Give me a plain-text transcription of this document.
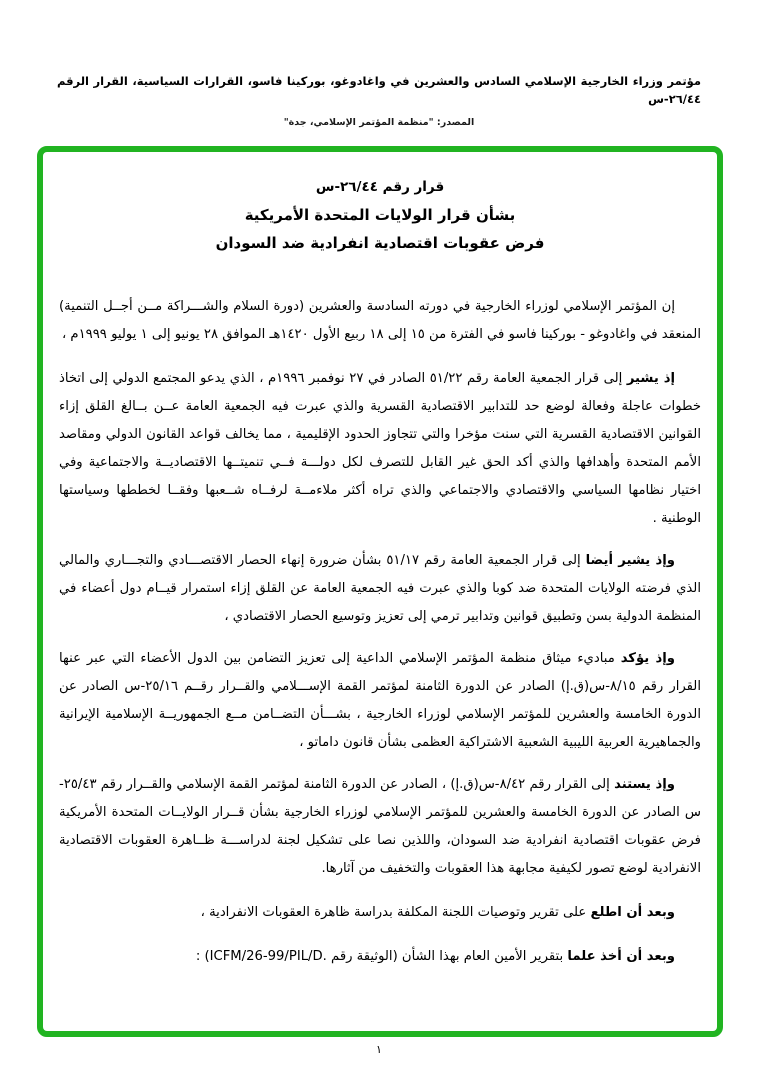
مؤتمر وزراء الخارجية الإسلامي السادس والعشرين في واغادوغو، بوركينا فاسو، القرارات السياسية، القرار الرقم ٢٦/٤٤-س
المصدر: "منظمة المؤتمر الإسلامي، جدة"
قرار رقم ٢٦/٤٤-س
بشأن قرار الولايات المتحدة الأمريكية
فرض عقوبات اقتصادية انفرادية ضد السودان

إن المؤتمر الإسلامي لوزراء الخارجية في دورته السادسة والعشرين (دورة السلام والشـــراكة مــن أجــل التنمية) المنعقد في واغادوغو - بوركينا فاسو في الفترة من ١٥ إلى ١٨ ربيع الأول ١٤٢٠هـ الموافق ٢٨ يونيو إلى ١ يوليو ١٩٩٩م ،

إذ يشير إلى قرار الجمعية العامة رقم ٥١/٢٢ الصادر في ٢٧ نوفمبر ١٩٩٦م ، الذي يدعو المجتمع الدولي إلى اتخاذ خطوات عاجلة وفعالة لوضع حد للتدابير الاقتصادية القسرية والذي عبرت فيه الجمعية العامة عــن بــالغ القلق إزاء القوانين الاقتصادية القسرية التي سنت مؤخرا والتي تتجاوز الحدود الإقليمية ، مما يخالف قواعد القانون الدولي ومقاصد الأمم المتحدة وأهدافها والذي أكد الحق غير القابل للتصرف لكل دولـــة فــي تنميتــها الاقتصاديــة والاجتماعية وفي اختيار نظامها السياسي والاقتصادي والاجتماعي والذي تراه أكثر ملاءمــة لرفــاه شــعبها وفقــا لخططها وسياستها الوطنية .

وإذ يشير أيضا إلى قرار الجمعية العامة رقم ٥١/١٧ بشأن ضرورة إنهاء الحصار الاقتصـــادي والتجـــاري والمالي الذي فرضته الولايات المتحدة ضد كوبا والذي عبرت فيه الجمعية العامة عن القلق إزاء استمرار قيــام دول أعضاء في المنظمة الدولية بسن وتطبيق قوانين وتدابير ترمي إلى تعزيز وتوسيع الحصار الاقتصادي ،

وإذ يؤكد مباديء ميثاق منظمة المؤتمر الإسلامي الداعية إلى تعزيز التضامن بين الدول الأعضاء التي عبر عنها القرار رقم ٨/١٥-س(ق.إ) الصادر عن الدورة الثامنة لمؤتمر القمة الإســـلامي والقــرار رقــم ٢٥/١٦-س الصادر عن الدورة الخامسة والعشرين للمؤتمر الإسلامي لوزراء الخارجية ، بشـــأن التضــامن مــع الجمهوريــة الإسلامية الإيرانية والجماهيرية العربية الليبية الشعبية الاشتراكية العظمى بشأن قانون داماتو ،

وإذ يستند إلى القرار رقم ٨/٤٢-س(ق.إ) ، الصادر عن الدورة الثامنة لمؤتمر القمة الإسلامي والقــرار رقم ٢٥/٤٣-س الصادر عن الدورة الخامسة والعشرين للمؤتمر الإسلامي لوزراء الخارجية بشأن قــرار الولايــات المتحدة الأمريكية فرض عقوبات اقتصادية انفرادية ضد السودان، واللذين نصا على تشكيل لجنة لدراســـة ظــاهرة العقوبات الاقتصادية الانفرادية لوضع تصور لكيفية مجابهة هذا العقوبات والتخفيف من آثارها.

وبعد أن اطلع على تقرير وتوصيات اللجنة المكلفة بدراسة ظاهرة العقوبات الانفرادية ،

وبعد أن أخذ علما بتقرير الأمين العام بهذا الشأن (الوثيقة رقم .ICFM/26-99/PIL/D) :

١
